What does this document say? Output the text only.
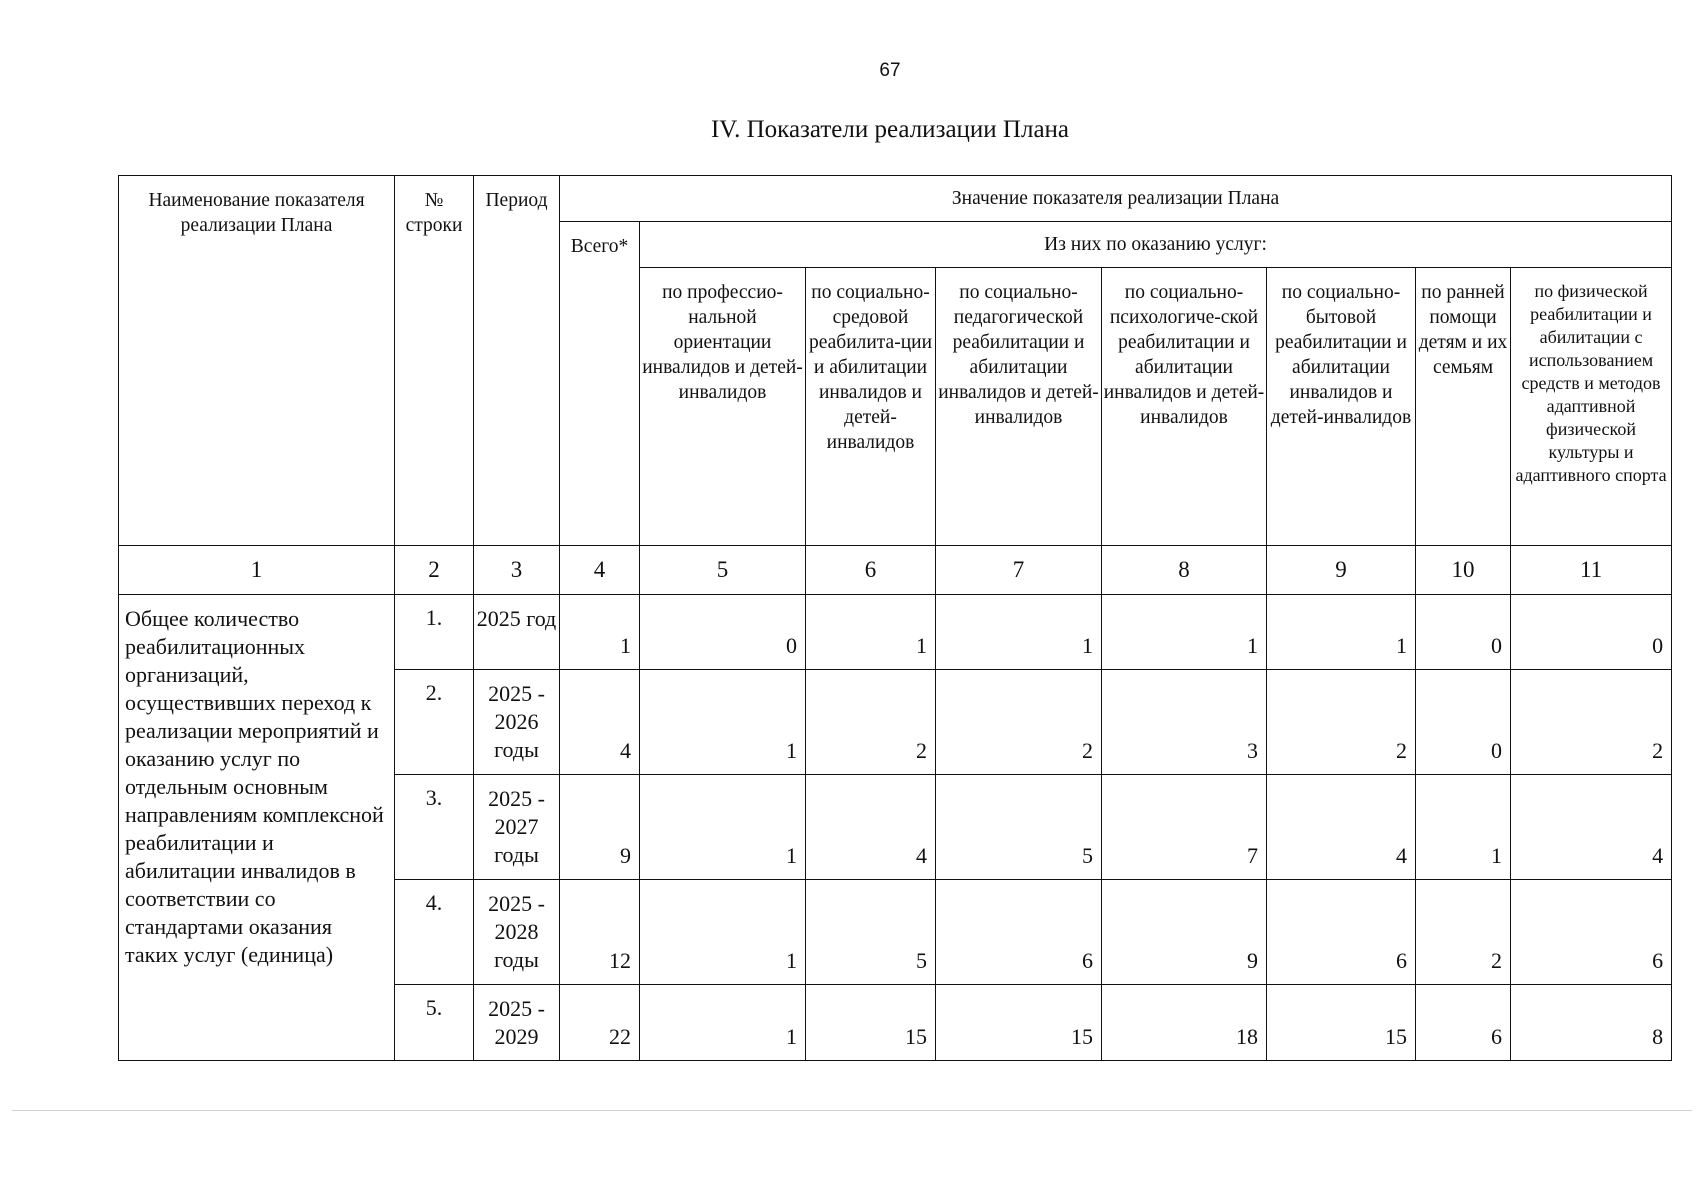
67
IV. Показатели реализации Плана
Наименование показателя реализации Плана	№ строки	Период	Значение показателя реализации Плана							
			Всего*	Из них по оказанию услуг:						
				по профессио-нальной ориентации инвалидов и детей-инвалидов	по социально-средовой реабилита-ции и абилитации инвалидов и детей-инвалидов	по социально-педагогической реабилитации и абилитации инвалидов и детей-инвалидов	по социально-психологиче-ской реабилитации и абилитации инвалидов и детей-инвалидов	по социально-бытовой реабилитации и абилитации инвалидов и детей-инвалидов	по ранней помощи детям и их семьям	по физической реабилитации и абилитации с использованием средств и методов адаптивной физической культуры и адаптивного спорта
1	2	3	4	5	6	7	8	9	10	11
Общее количество реабилитационных организаций, осуществивших переход к реализации мероприятий и оказанию услуг по отдельным основным направлениям комплексной реабилитации и абилитации инвалидов в соответствии со стандартами оказания таких услуг (единица)	1.	2025 год	1	0	1	1	1	1	0	0
	2.	2025 - 2026 годы	4	1	2	2	3	2	0	2
	3.	2025 - 2027 годы	9	1	4	5	7	4	1	4
	4.	2025 - 2028 годы	12	1	5	6	9	6	2	6
	5.	2025 - 2029	22	1	15	15	18	15	6	8
